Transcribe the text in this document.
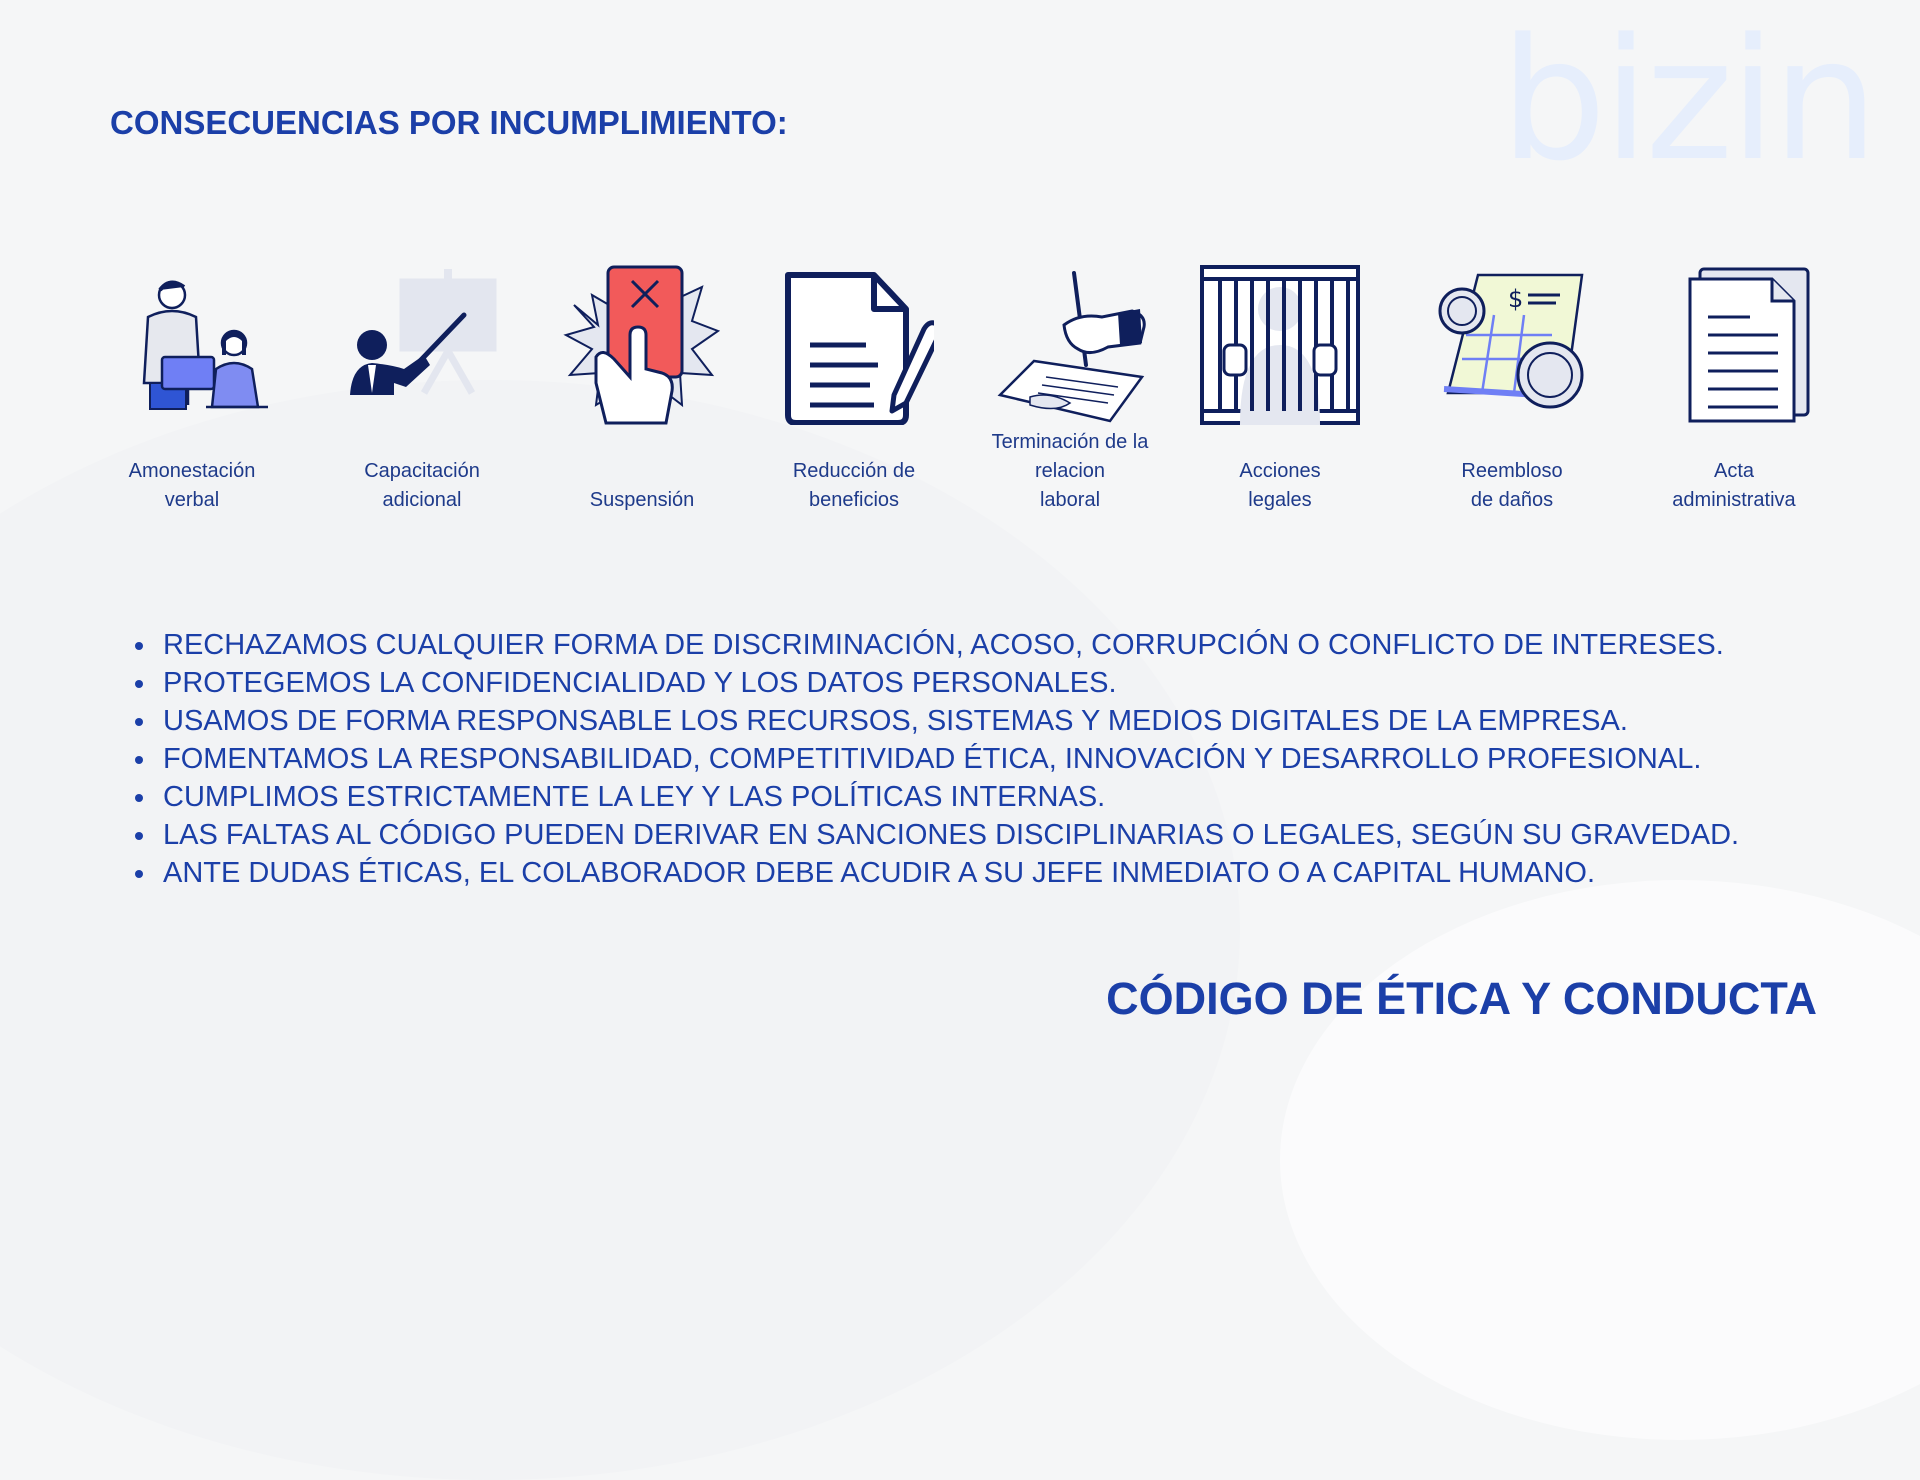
bizin
CONSECUENCIAS POR INCUMPLIMIENTO:
Amonestación
verbal
Capacitación
adicional	Suspensión
Reducción de
beneficios
Terminación de la relacion
laboral
Acciones
legales
$
Reembloso
de daños
Acta
administrativa
RECHAZAMOS CUALQUIER FORMA DE DISCRIMINACIÓN, ACOSO, CORRUPCIÓN O CONFLICTO DE INTERESES.
PROTEGEMOS LA CONFIDENCIALIDAD Y LOS DATOS PERSONALES.
USAMOS DE FORMA RESPONSABLE LOS RECURSOS, SISTEMAS Y MEDIOS DIGITALES DE LA EMPRESA.
FOMENTAMOS LA RESPONSABILIDAD, COMPETITIVIDAD ÉTICA, INNOVACIÓN Y DESARROLLO PROFESIONAL.
CUMPLIMOS ESTRICTAMENTE LA LEY Y LAS POLÍTICAS INTERNAS.
LAS FALTAS AL CÓDIGO PUEDEN DERIVAR EN SANCIONES DISCIPLINARIAS O LEGALES, SEGÚN SU GRAVEDAD.
ANTE DUDAS ÉTICAS, EL COLABORADOR DEBE ACUDIR A SU JEFE INMEDIATO O A CAPITAL HUMANO.
CÓDIGO DE ÉTICA Y CONDUCTA
